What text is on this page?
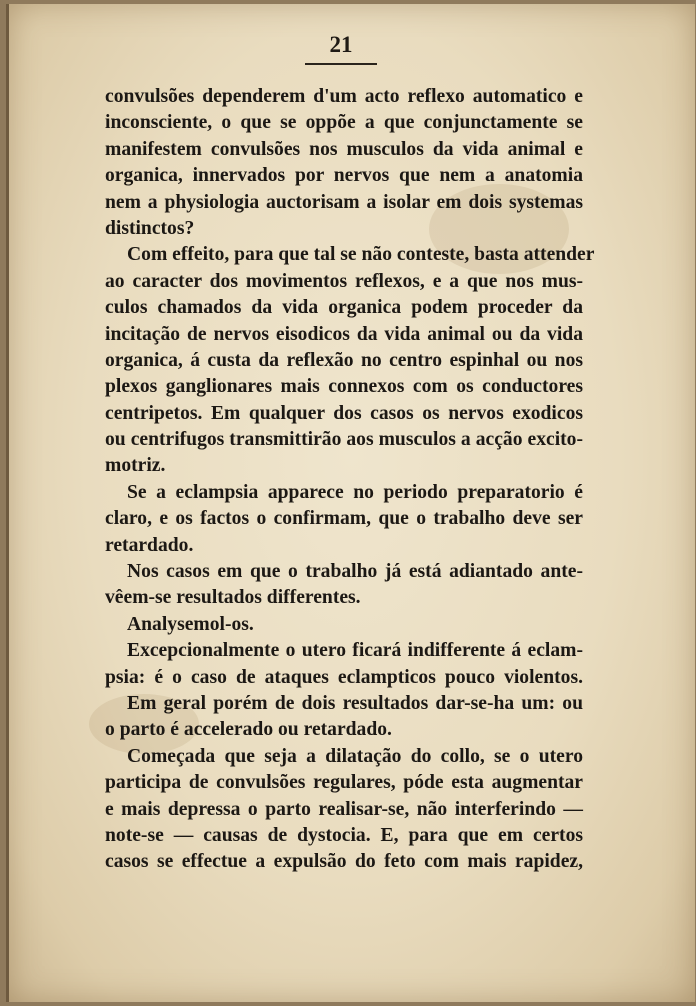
21
convulsões dependerem d'um acto reflexo automatico e
inconsciente, o que se oppõe a que conjunctamente se
manifestem convulsões nos musculos da vida animal e
organica, innervados por nervos que nem a anatomia
nem a physiologia auctorisam a isolar em dois systemas
distinctos?
Com effeito, para que tal se não conteste, basta attender
ao caracter dos movimentos reflexos, e a que nos mus-
culos chamados da vida organica podem proceder da
incitação de nervos eisodicos da vida animal ou da vida
organica, á custa da reflexão no centro espinhal ou nos
plexos ganglionares mais connexos com os conductores
centripetos. Em qualquer dos casos os nervos exodicos
ou centrifugos transmittirão aos musculos a acção excito-
motriz.
Se a eclampsia apparece no periodo preparatorio é
claro, e os factos o confirmam, que o trabalho deve ser
retardado.
Nos casos em que o trabalho já está adiantado ante-
vêem-se resultados differentes.
Analysemol-os.
Excepcionalmente o utero ficará indifferente á eclam-
psia: é o caso de ataques eclampticos pouco violentos.
Em geral porém de dois resultados dar-se-ha um: ou
o parto é accelerado ou retardado.
Começada que seja a dilatação do collo, se o utero
participa de convulsões regulares, póde esta augmentar
e mais depressa o parto realisar-se, não interferindo —
note-se — causas de dystocia. E, para que em certos
casos se effectue a expulsão do feto com mais rapidez,
